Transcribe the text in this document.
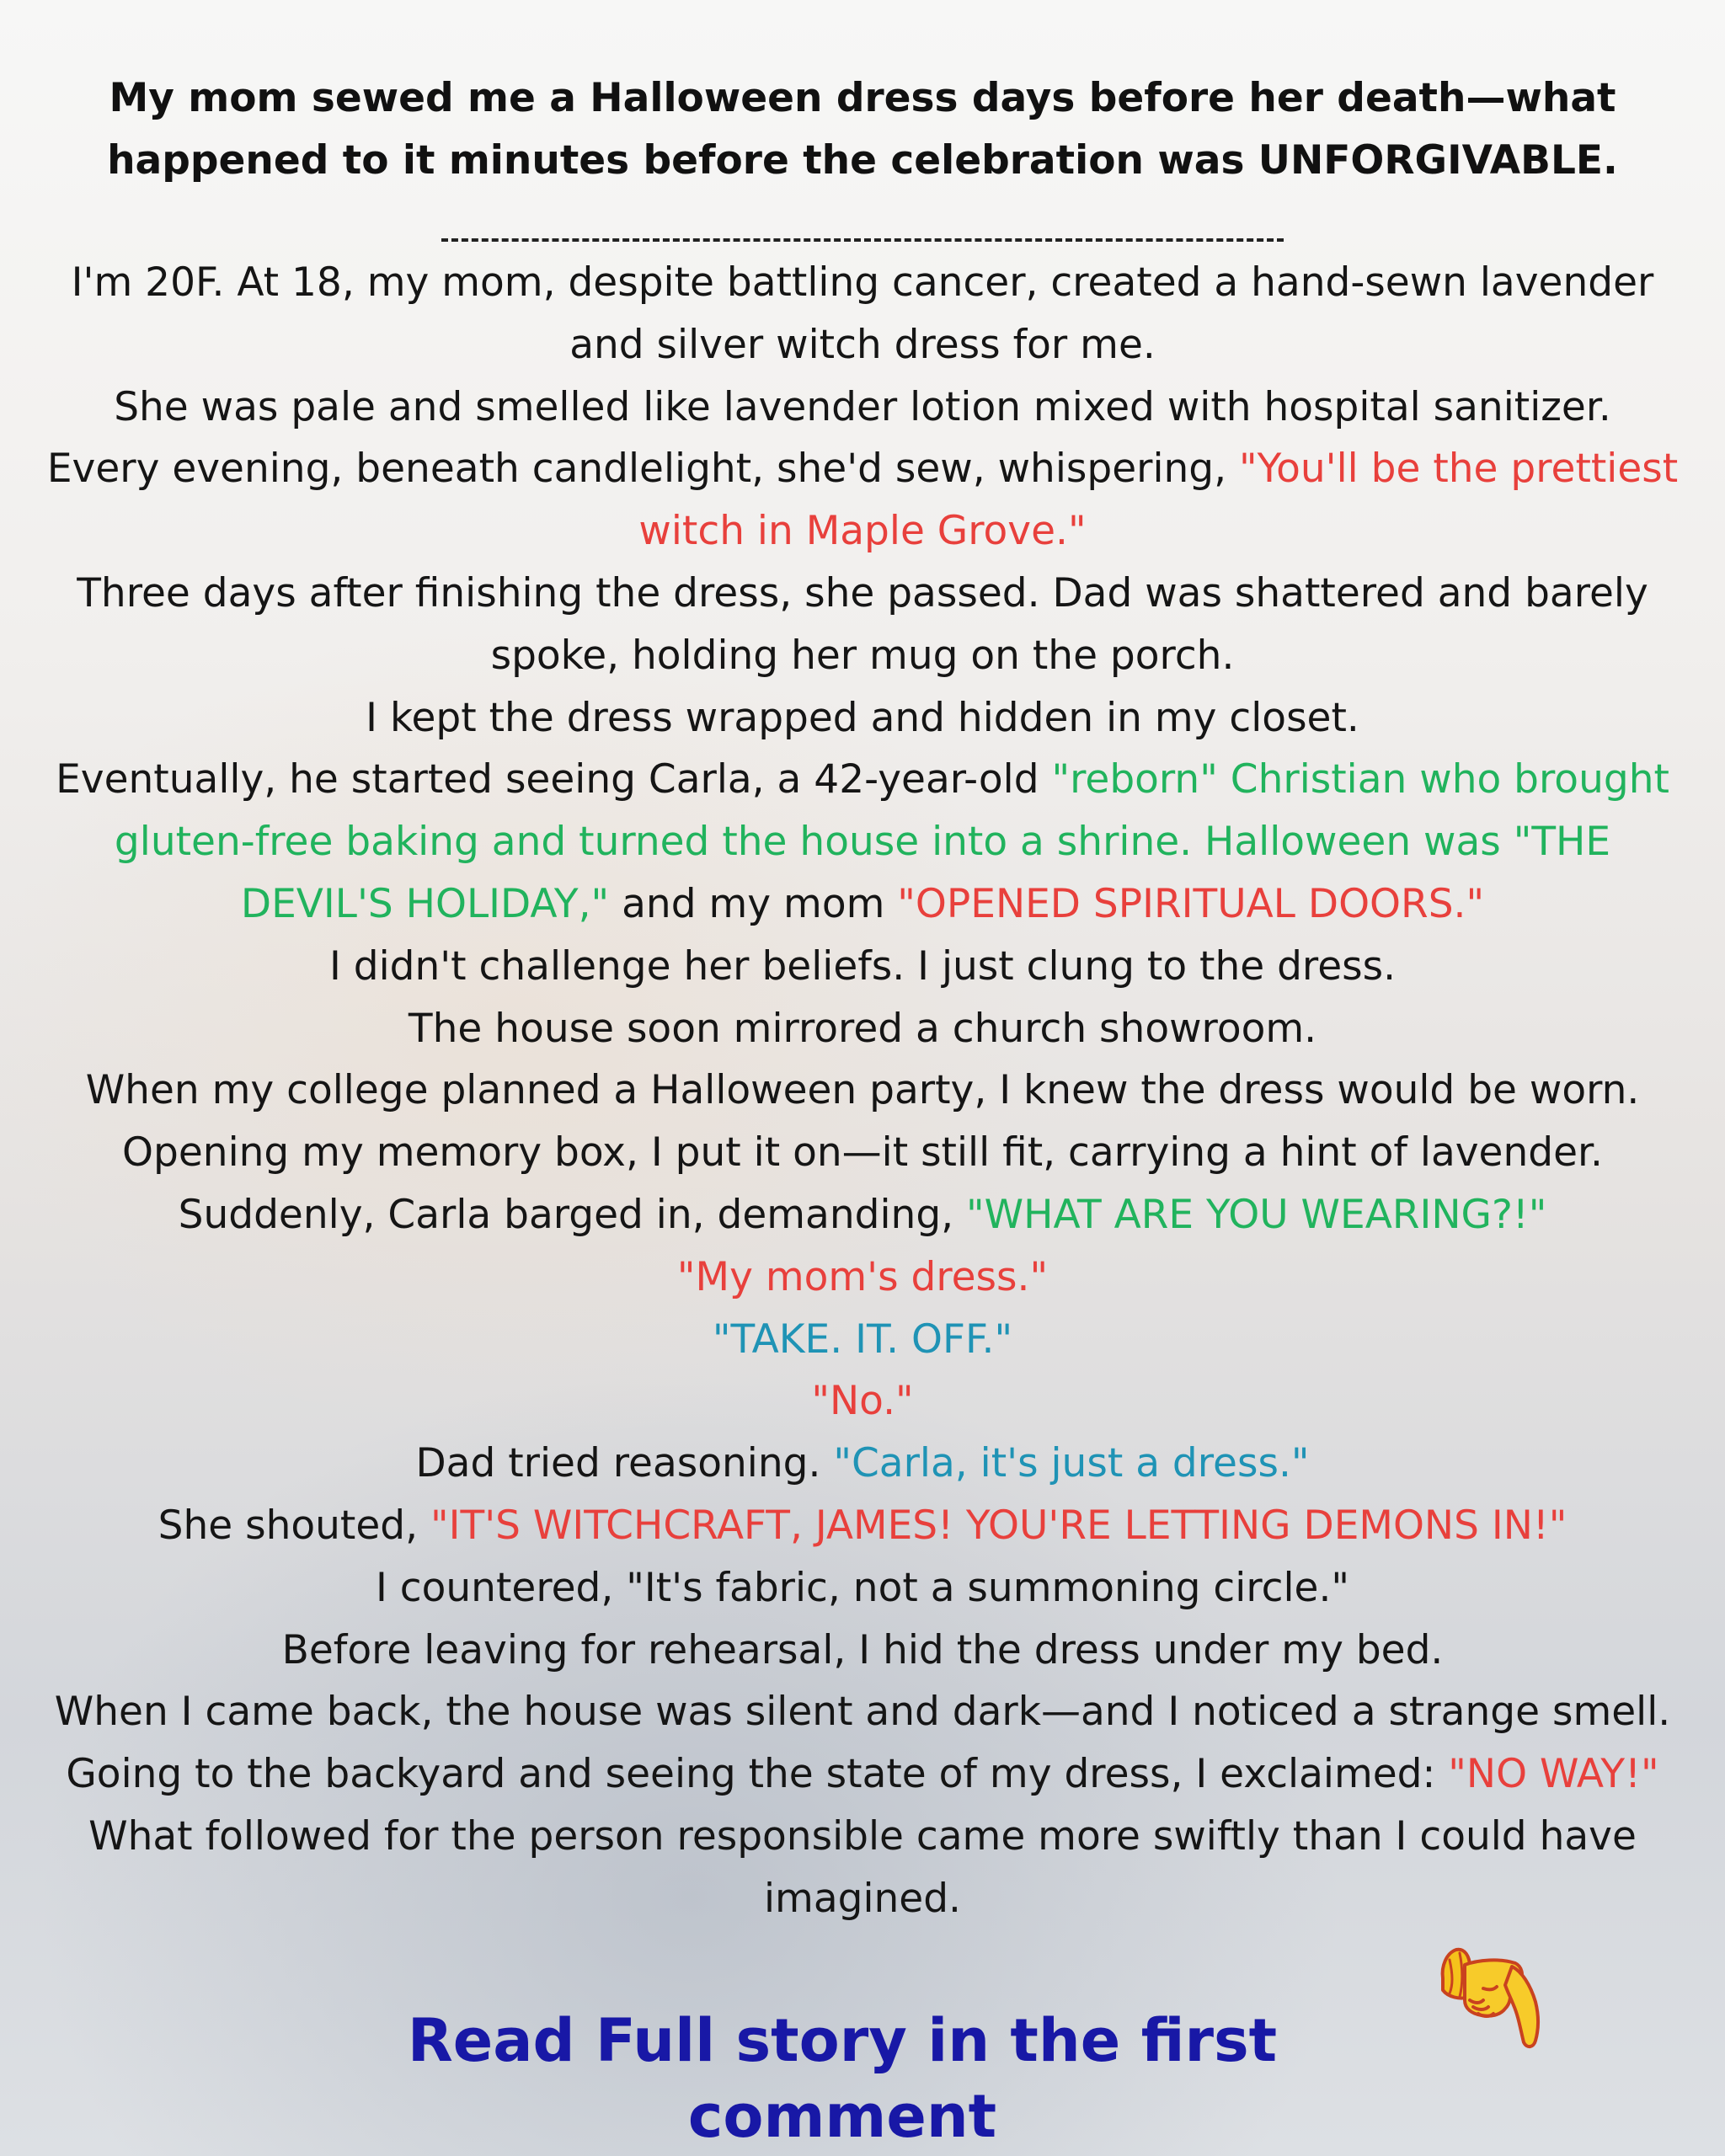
My mom sewed me a Halloween dress days before her death—what happened to it minutes before the celebration was UNFORGIVABLE.

I'm 20F. At 18, my mom, despite battling cancer, created a hand-sewn lavender and silver witch dress for me.

She was pale and smelled like lavender lotion mixed with hospital sanitizer.

Every evening, beneath candlelight, she'd sew, whispering, "You'll be the prettiest witch in Maple Grove."

Three days after finishing the dress, she passed. Dad was shattered and barely spoke, holding her mug on the porch.

I kept the dress wrapped and hidden in my closet.

Eventually, he started seeing Carla, a 42-year-old "reborn" Christian who brought gluten-free baking and turned the house into a shrine. Halloween was "THE DEVIL'S HOLIDAY," and my mom "OPENED SPIRITUAL DOORS."

I didn't challenge her beliefs. I just clung to the dress.

The house soon mirrored a church showroom.

When my college planned a Halloween party, I knew the dress would be worn.

Opening my memory box, I put it on—it still fit, carrying a hint of lavender.

Suddenly, Carla barged in, demanding, "WHAT ARE YOU WEARING?!"

"My mom's dress."

"TAKE. IT. OFF."

"No."

Dad tried reasoning. "Carla, it's just a dress."

She shouted, "IT'S WITCHCRAFT, JAMES! YOU'RE LETTING DEMONS IN!"

I countered, "It's fabric, not a summoning circle."

Before leaving for rehearsal, I hid the dress under my bed.

When I came back, the house was silent and dark—and I noticed a strange smell.

Going to the backyard and seeing the state of my dress, I exclaimed: "NO WAY!"

What followed for the person responsible came more swiftly than I could have imagined.

Read Full story in the first comment
